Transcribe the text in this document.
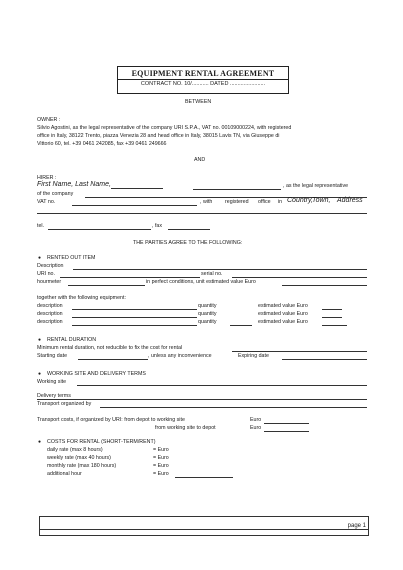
EQUIPMENT RENTAL AGREEMENT
CONTRACT NO. 10/........... DATED .......................
BETWEEN
OWNER :
Silvio Agostini, as the legal representative of the company URI S.P.A., VAT no. 00109000224, with registered
office in Italy, 38122 Trento, piazza Venezia 28 and head office in Italy, 38015 Lavis TN, via Giuseppe di
Vittorio 60, tel. +39 0461 242085, fax +39 0461 249666
AND
HIRER :
First Name, Last Name,	, as the legal representative
of the company
VAT no.	, with registered office in Country, Town, Address
tel.	, fax
THE PARTIES AGREE TO THE FOLLOWING:
● RENTED OUT ITEM
Description
URI no.	serial no.
hourmeter	in perfect conditions, unit estimated value Euro
together with the following equipment:
description	quantity	estimated value Euro
description	quantity	estimated value Euro
description	quantity	estimated value Euro
● RENTAL DURATION
Minimum rental duration, not reducible to fix the cost for rental
Starting date	, unless any inconvenience	Expiring date
● WORKING SITE AND DELIVERY TERMS
Working site
Delivery terms
Transport organized by
Transport costs, if organized by URI: from depot to working site	Euro
from working site to depot	Euro
● COSTS FOR RENTAL (SHORT-TERM/RENT)
daily rate (max 8 hours)	= Euro
weekly rate (max 40 hours)	= Euro
monthly rate (max 180 hours)	= Euro
additional hour	= Euro
page 1
